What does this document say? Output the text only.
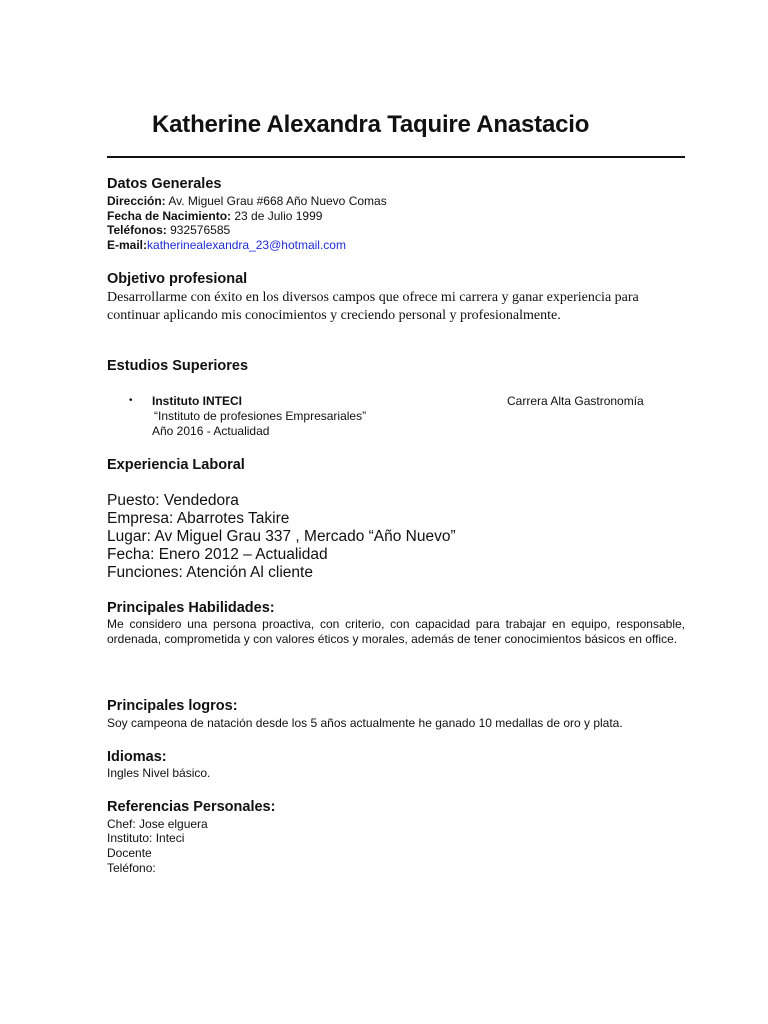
Katherine Alexandra Taquire Anastacio
Datos Generales
Dirección: Av. Miguel Grau #668 Año Nuevo Comas
Fecha de Nacimiento: 23 de Julio 1999
Teléfonos: 932576585
E-mail:katherinealexandra_23@hotmail.com
Objetivo profesional
Desarrollarme con éxito en los diversos campos que ofrece mi carrera y ganar experiencia para
continuar aplicando mis conocimientos y creciendo personal y profesionalmente.
Estudios Superiores
• Instituto INTECI	Carrera Alta Gastronomía
“Instituto de profesiones Empresariales”
Año 2016 - Actualidad
Experiencia Laboral
Puesto: Vendedora
Empresa: Abarrotes Takire
Lugar: Av Miguel Grau 337 , Mercado “Año Nuevo”
Fecha: Enero 2012 – Actualidad
Funciones: Atención Al cliente
Principales Habilidades:
Me considero una persona proactiva, con criterio, con capacidad para trabajar en equipo, responsable, ordenada, comprometida y con valores éticos y morales, además de tener conocimientos básicos en office.
Principales logros:
Soy campeona de natación desde los 5 años actualmente he ganado 10 medallas de oro y plata.
Idiomas:
Ingles Nivel básico.
Referencias Personales:
Chef: Jose elguera
Instituto: Inteci
Docente
Teléfono:
